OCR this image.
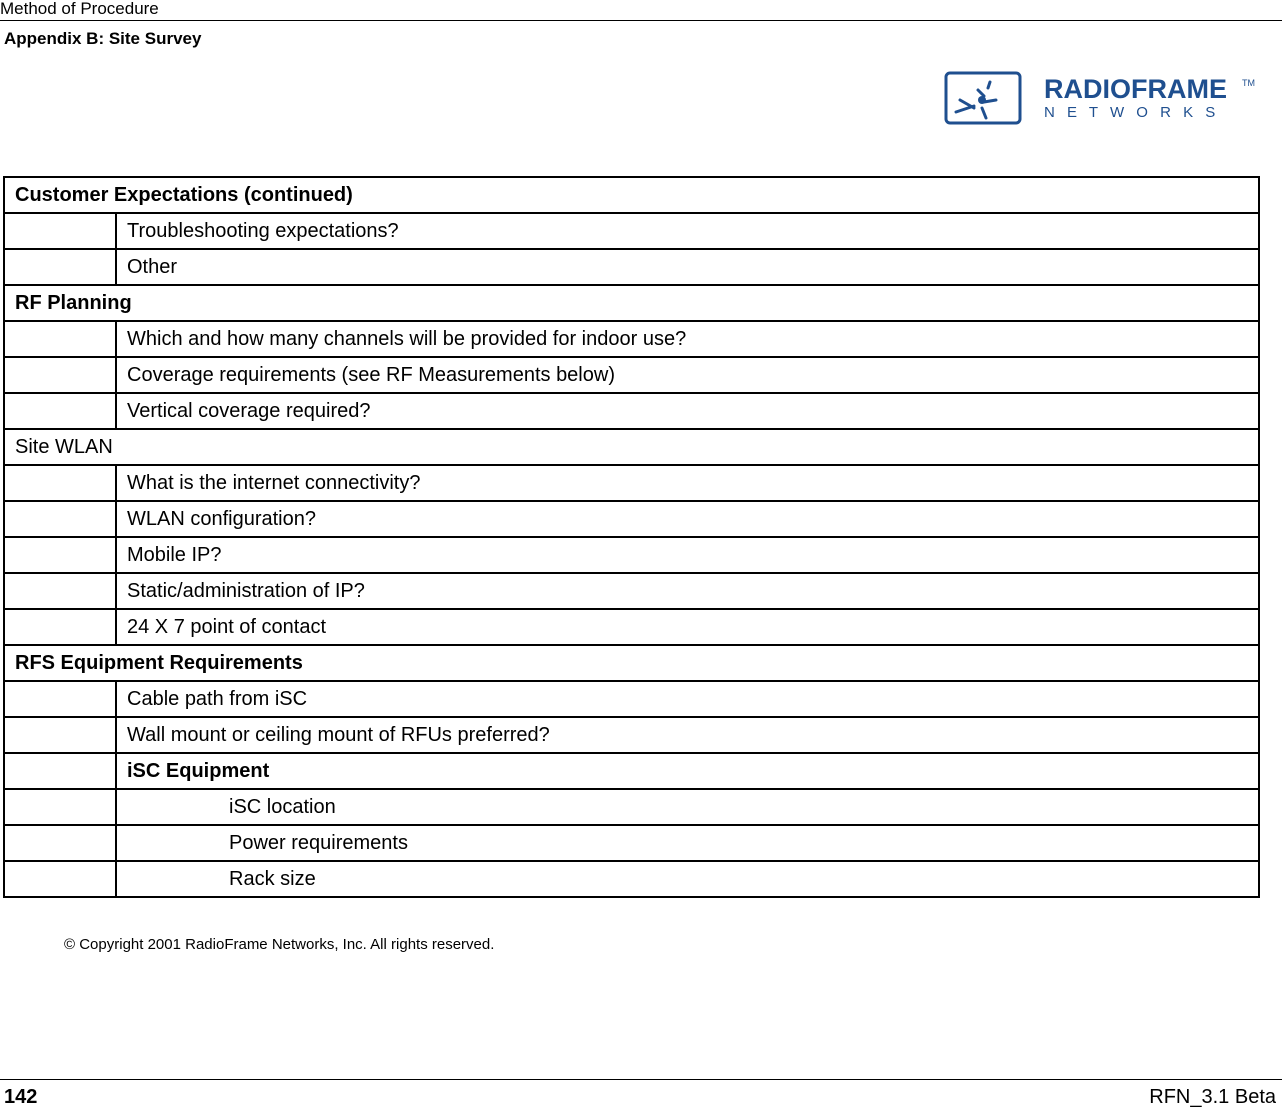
Method of Procedure
Appendix B: Site Survey
RADIOFRAME TM
N E T W O R K S
Customer Expectations (continued)	
	Troubleshooting expectations?
	Other
RF Planning	
	Which and how many channels will be provided for indoor use?
	Coverage requirements (see RF Measurements below)
	Vertical coverage required?
Site WLAN	
	What is the internet connectivity?
	WLAN configuration?
	Mobile IP?
	Static/administration of IP?
	24 X 7 point of contact
RFS Equipment Requirements	
	Cable path from iSC
	Wall mount or ceiling mount of RFUs preferred?
	iSC Equipment
	iSC location
	Power requirements
	Rack size
© Copyright 2001 RadioFrame Networks, Inc. All rights reserved.
142	RFN_3.1 Beta
